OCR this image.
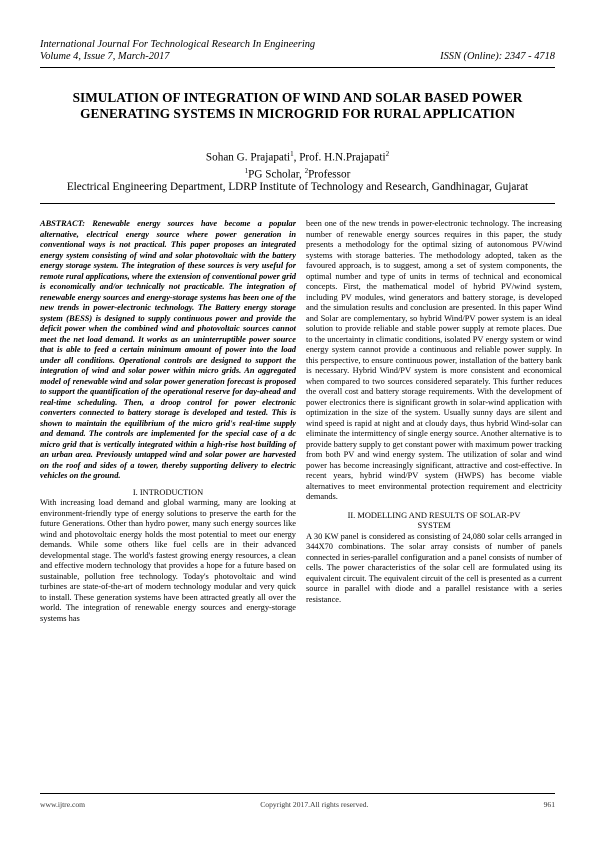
International Journal For Technological Research In Engineering
Volume 4, Issue 7, March-2017	ISSN (Online): 2347 - 4718
SIMULATION OF INTEGRATION OF WIND AND SOLAR BASED POWER GENERATING SYSTEMS IN MICROGRID FOR RURAL APPLICATION
Sohan G. Prajapati$^1$, Prof. H.N.Prajapati$^2$
$^1$PG Scholar, $^2$Professor
Electrical Engineering Department, LDRP Institute of Technology and Research, Gandhinagar, Gujarat

ABSTRACT: Renewable energy sources have become a popular alternative, electrical energy source where power generation in conventional ways is not practical. This paper proposes an integrated energy system consisting of wind and solar photovoltaic with the battery energy storage system. The integration of these sources is very useful for remote rural applications, where the extension of conventional power grid is economically and/or technically not practicable. The integration of renewable energy sources and energy-storage systems has been one of the new trends in power-electronic technology. The Battery energy storage system (BESS) is designed to supply continuous power and provide the deficit power when the combined wind and photovoltaic sources cannot meet the net load demand. It works as an uninterruptible power source that is able to feed a certain minimum amount of power into the load under all conditions. Operational controls are designed to support the integration of wind and solar power within micro grids. An aggregated model of renewable wind and solar power generation forecast is proposed to support the quantification of the operational reserve for day-ahead and real-time scheduling. Then, a droop control for power electronic converters connected to battery storage is developed and tested. This is shown to maintain the equilibrium of the micro grid's real-time supply and demand. The controls are implemented for the special case of a dc micro grid that is vertically integrated within a high-rise host building of an urban area. Previously untapped wind and solar power are harvested on the roof and sides of a tower, thereby supporting delivery to electric vehicles on the ground.

I. INTRODUCTION

With increasing load demand and global warming, many are looking at environment-friendly type of energy solutions to preserve the earth for the future Generations. Other than hydro power, many such energy sources like wind and photovoltaic energy holds the most potential to meet our energy demands. While some others like fuel cells are in their advanced developmental stage. The world's fastest growing energy resources, a clean and effective modern technology that provides a hope for a future based on sustainable, pollution free technology. Today's photovoltaic and wind turbines are state-of-the-art of modern technology modular and very quick to install. These generation systems have been attracted greatly all over the world. The integration of renewable energy sources and energy-storage systems has

been one of the new trends in power-electronic technology. The increasing number of renewable energy sources requires in this paper, the study presents a methodology for the optimal sizing of autonomous PV/wind systems with storage batteries. The methodology adopted, taken as the favoured approach, is to suggest, among a set of system components, the optimal number and type of units in terms of technical and economical concepts. First, the mathematical model of hybrid PV/wind system, including PV modules, wind generators and battery storage, is developed and the simulation results and conclusion are presented. In this paper Wind and Solar are complementary, so hybrid Wind/PV power system is an ideal solution to provide reliable and stable power supply at remote places. Due to the uncertainty in climatic conditions, isolated PV energy system or wind energy system cannot provide a continuous and reliable power supply. In this perspective, to ensure continuous power, installation of the battery bank is necessary. Hybrid Wind/PV system is more consistent and economical when compared to two sources considered separately. This further reduces the overall cost and battery storage requirements. With the development of power electronics there is significant growth in solar-wind application with optimization in the size of the system. Usually sunny days are silent and wind speed is rapid at night and at cloudy days, thus hybrid Wind-solar can eliminate the intermittency of single energy source. Another alternative is to provide battery supply to get constant power with maximum power tracking from both PV and wind energy system. The utilization of solar and wind power has become increasingly significant, attractive and cost-effective. In recent years, hybrid wind/PV system (HWPS) has become viable alternatives to meet environmental protection requirement and electricity demands.

II. MODELLING AND RESULTS OF SOLAR-PV
SYSTEM

A 30 KW panel is considered as consisting of 24,080 solar cells arranged in 344X70 combinations. The solar array consists of number of panels connected in series-parallel configuration and a panel consists of number of cells. The power characteristics of the solar cell are formulated using its equivalent circuit. The equivalent circuit of the cell is presented as a current source in parallel with diode and a parallel resistance with a series resistance.

www.ijtre.com	Copyright 2017.All rights reserved.	961
